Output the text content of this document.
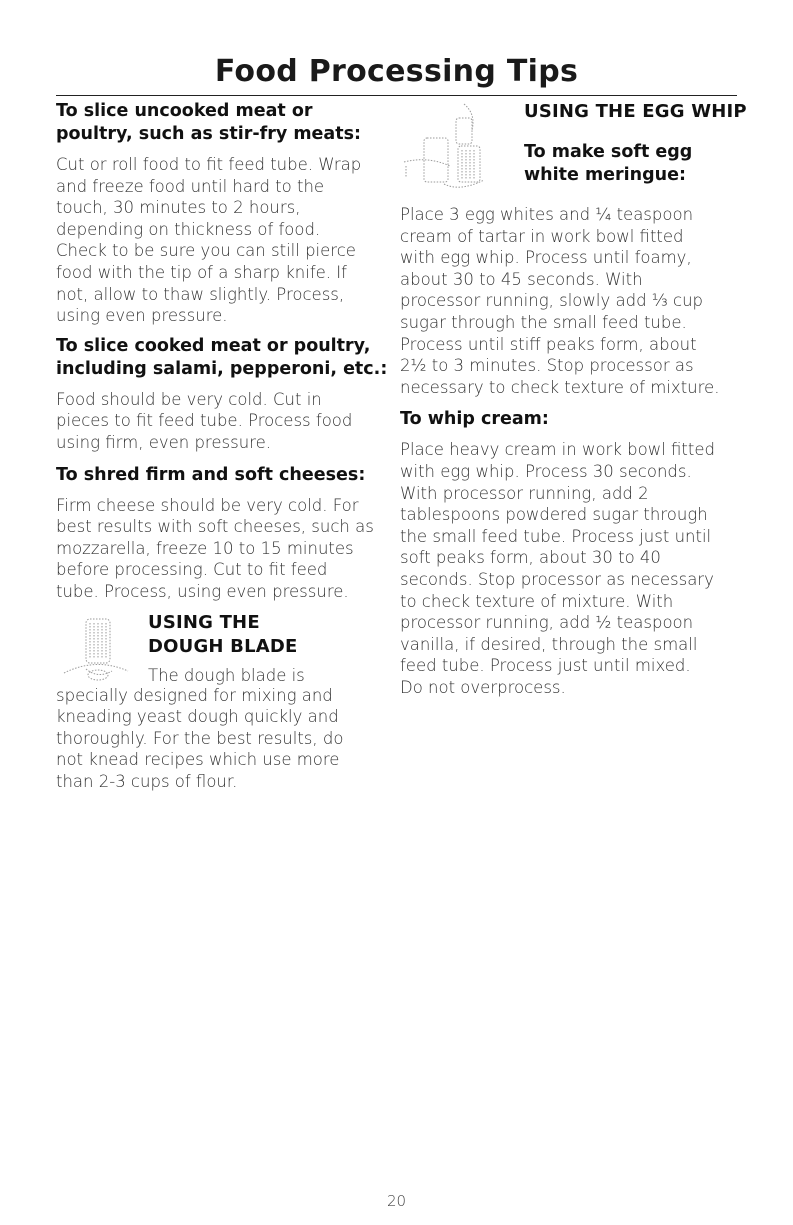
Food Processing Tips
To slice uncooked meat or
poultry, such as stir-fry meats:

Cut or roll food to fit feed tube. Wrap

and freeze food until hard to the

touch, 30 minutes to 2 hours,

depending on thickness of food.

Check to be sure you can still pierce

food with the tip of a sharp knife. If

not, allow to thaw slightly. Process,

using even pressure.

To slice cooked meat or poultry,
including salami, pepperoni, etc.:

Food should be very cold. Cut in

pieces to fit feed tube. Process food

using firm, even pressure.

To shred firm and soft cheeses:

Firm cheese should be very cold. For

best results with soft cheeses, such as

mozzarella, freeze 10 to 15 minutes

before processing. Cut to fit feed

tube. Process, using even pressure.

USING THE
DOUGH BLADE

The dough blade is

specially designed for mixing and

kneading yeast dough quickly and

thoroughly. For the best results, do

not knead recipes which use more

than 2-3 cups of flour.

USING THE EGG WHIP
To make soft egg
white meringue:

Place 3 egg whites and ¼ teaspoon

cream of tartar in work bowl fitted

with egg whip. Process until foamy,

about 30 to 45 seconds. With

processor running, slowly add ⅓ cup

sugar through the small feed tube.

Process until stiff peaks form, about

2½ to 3 minutes. Stop processor as

necessary to check texture of mixture.

To whip cream:

Place heavy cream in work bowl fitted

with egg whip. Process 30 seconds.

With processor running, add 2

tablespoons powdered sugar through

the small feed tube. Process just until

soft peaks form, about 30 to 40

seconds. Stop processor as necessary

to check texture of mixture. With

processor running, add ½ teaspoon

vanilla, if desired, through the small

feed tube. Process just until mixed.

Do not overprocess.

20
